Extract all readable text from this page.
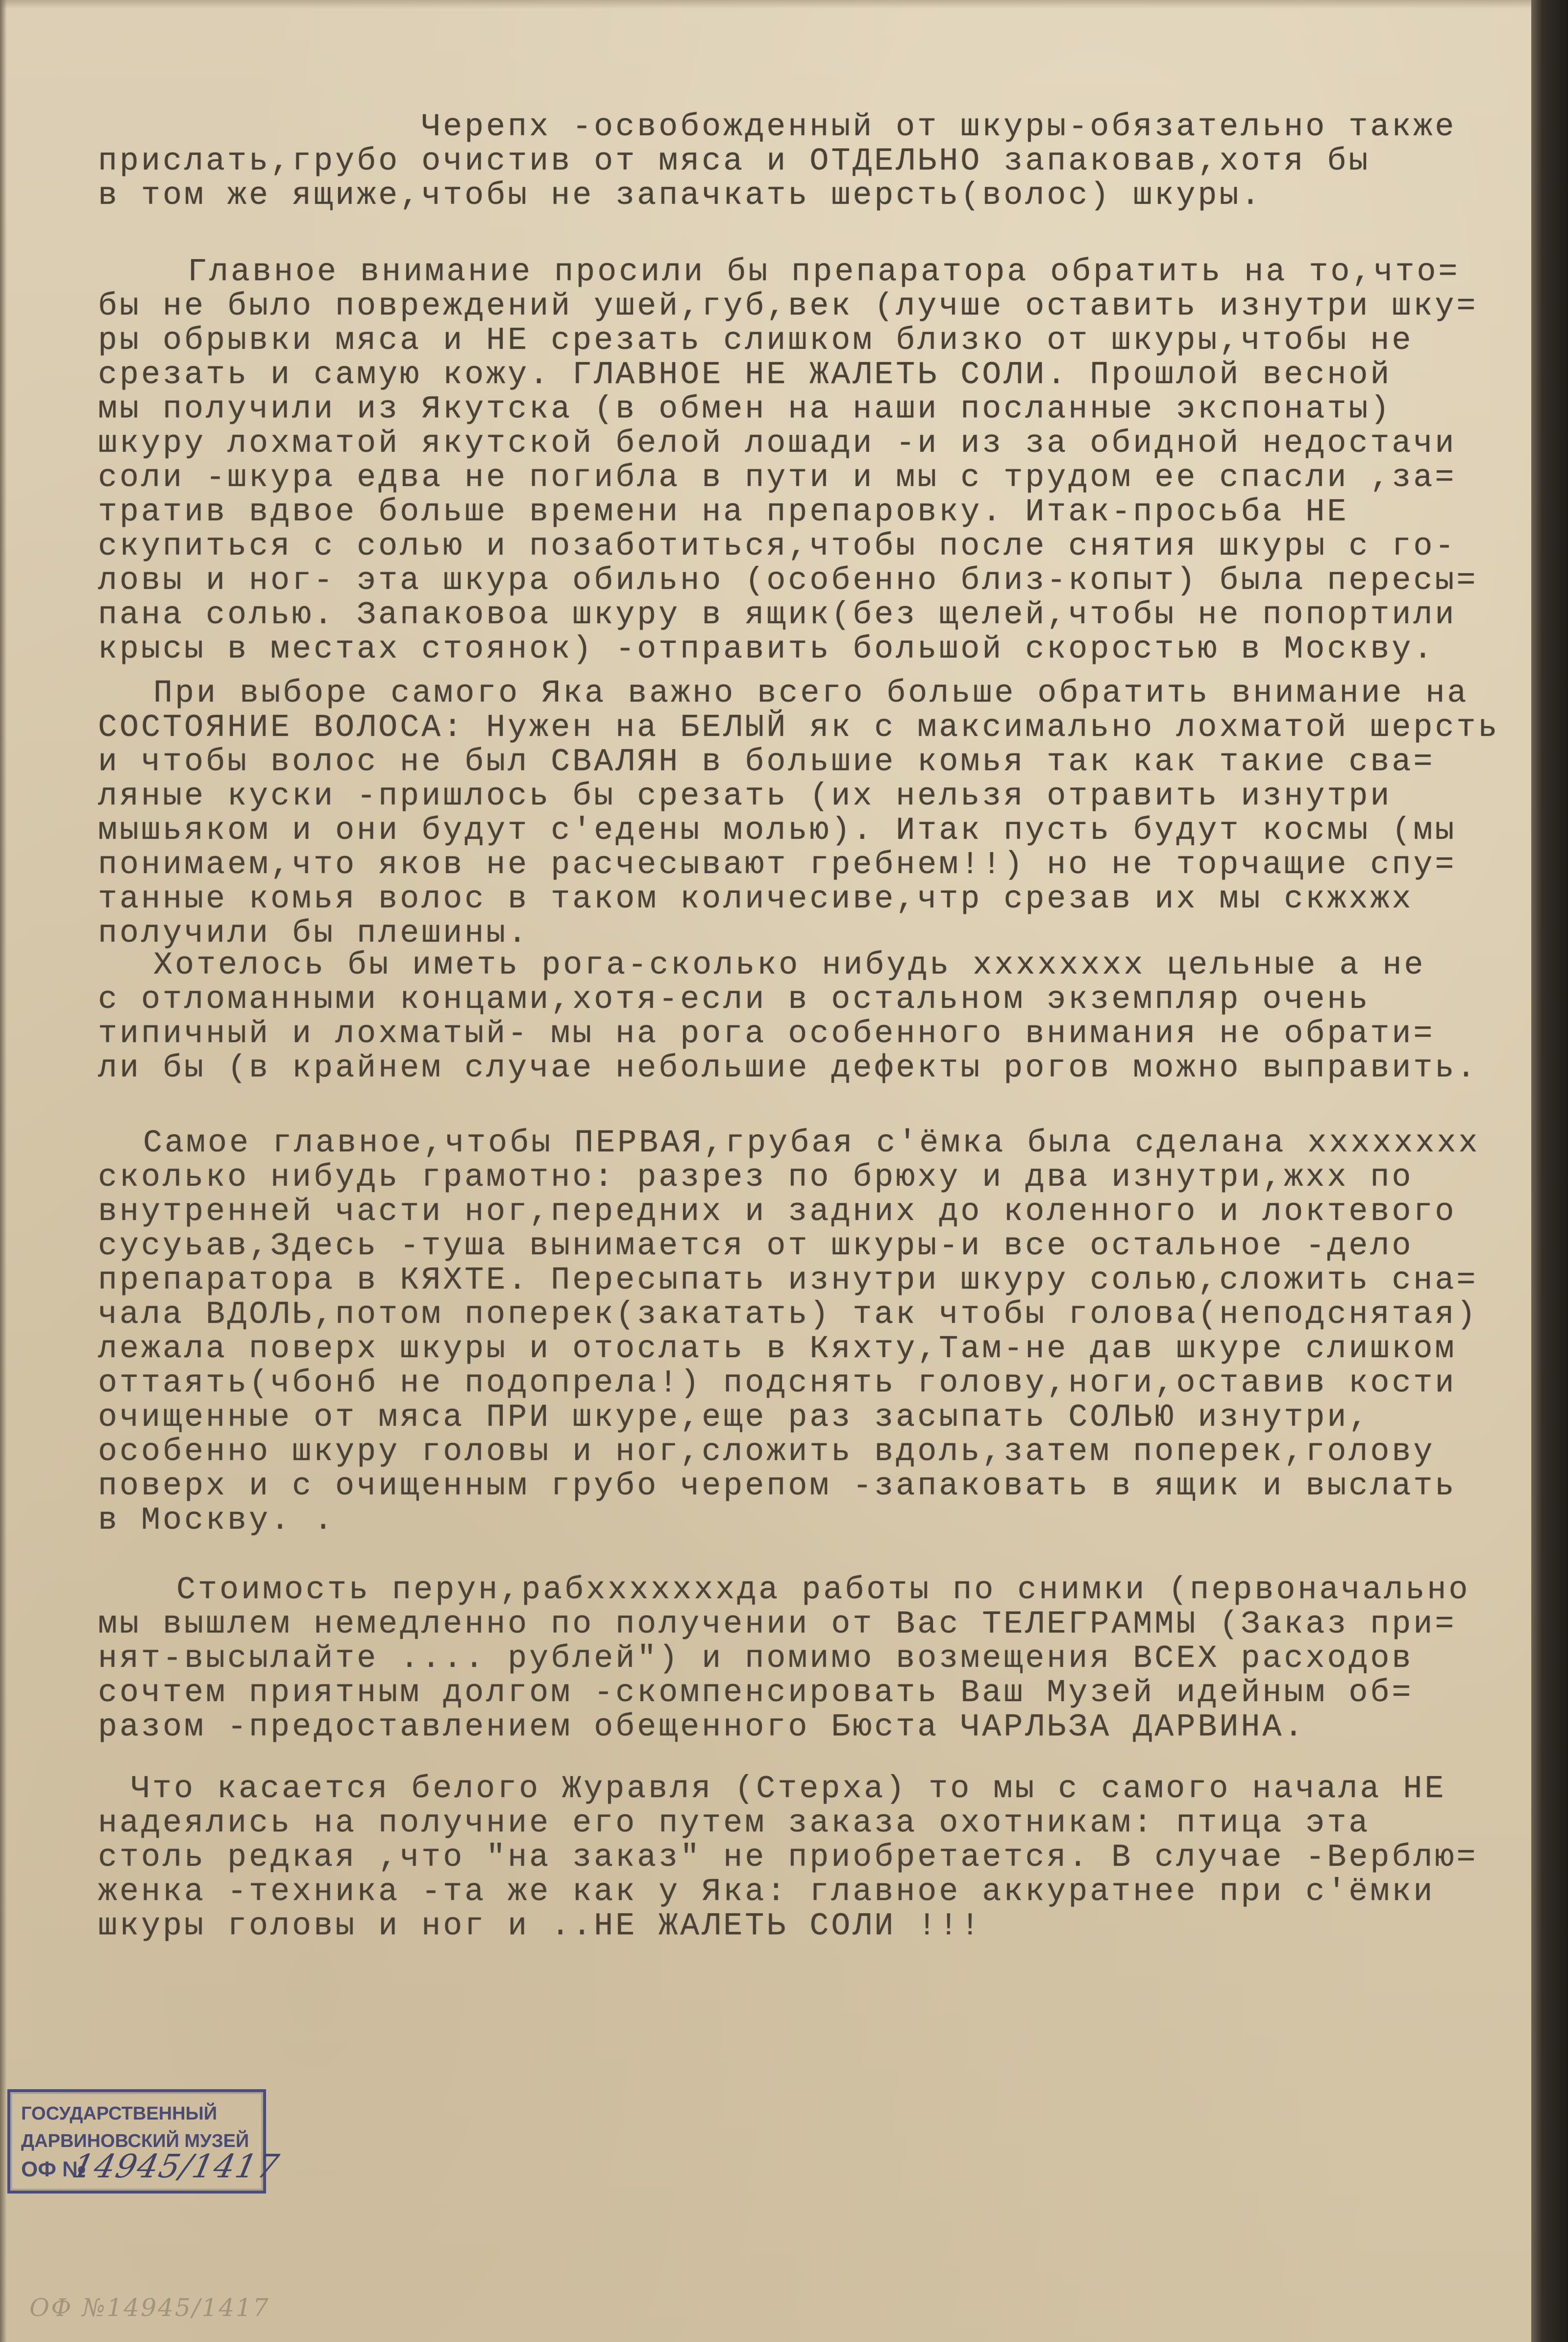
Черепх -освобожденный от шкуры-обязательно также
прислать,грубо очистив от мяса и ОТДЕЛЬНО запаковав,хотя бы
в том же ящиже,чтобы не запачкать шерсть(волос) шкуры.
Главное внимание просили бы препаратора обратить на то,что=
бы не было повреждений ушей,губ,век (лучше оставить изнутри шку=
ры обрывки мяса и НЕ срезать слишком близко от шкуры,чтобы не
срезать и самую кожу. ГЛАВНОЕ НЕ ЖАЛЕТЬ СОЛИ. Прошлой весной
мы получили из Якутска (в обмен на наши посланные экспонаты)
шкуру лохматой якутской белой лошади -и из за обидной недостачи
соли -шкура едва не погибла в пути и мы с трудом ее спасли ,за=
тратив вдвое больше времени на препаровку. Итак-просьба НЕ
скупиться с солью и позаботиться,чтобы после снятия шкуры с го-
ловы и ног- эта шкура обильно (особенно близ-копыт) была пересы=
пана солью. Запаковоа шкуру в ящик(без щелей,чтобы не попортили
крысы в местах стоянок) -отправить большой скоростью в Москву.
При выборе самого Яка важно всего больше обратить внимание на
СОСТОЯНИЕ ВОЛОСА: Нужен на БЕЛЫЙ як с максимально лохматой шерсть
и чтобы волос не был СВАЛЯН в большие комья так как такие сва=
ляные куски -пришлось бы срезать (их нельзя отравить изнутри
мышьяком и они будут с'едены молью). Итак пусть будут космы (мы
понимаем,что яков не расчесывают гребнем!!) но не торчащие спу=
танные комья волос в таком количесиве,чтр срезав их мы скжхжх
получили бы плешины.
Хотелось бы иметь рога-сколько нибудь хххххххх цельные а не
с отломанными концами,хотя-если в остальном экземпляр очень
типичный и лохматый- мы на рога особенного внимания не обрати=
ли бы (в крайнем случае небольшие дефекты рогов можно выправить.
Самое главное,чтобы ПЕРВАЯ,грубая с'ёмка была сделана хххххххх
сколько нибудь грамотно: разрез по брюху и два изнутри,жхх по
внутренней части ног,передних и задних до коленного и локтевого
сусуьав,Здесь -туша вынимается от шкуры-и все остальное -дело
препаратора в КЯХТЕ. Пересыпать изнутри шкуру солью,сложить сна=
чала ВДОЛЬ,потом поперек(закатать) так чтобы голова(неподснятая)
лежала поверх шкуры и отослать в Кяхту,Там-не дав шкуре слишком
оттаять(чбонб не подопрела!) подснять голову,ноги,оставив кости
очищенные от мяса ПРИ шкуре,еще раз засыпать СОЛЬЮ изнутри,
особенно шкуру головы и ног,сложить вдоль,затем поперек,голову
поверх и с очищенным грубо черепом -запаковать в ящик и выслать
в Москву. .
Стоимость перун,рабхххххххда работы по снимки (первоначально
мы вышлем немедленно по получении от Вас ТЕЛЕГРАММЫ (Заказ при=
нят-высылайте .... рублей") и помимо возмещения ВСЕХ расходов
сочтем приятным долгом -скомпенсировать Ваш Музей идейным об=
разом -предоставлением обещенного Бюста ЧАРЛЬЗА ДАРВИНА.
Что касается белого Журавля (Стерха) то мы с самого начала НЕ
надеялись на получние его путем заказа охотникам: птица эта
столь редкая ,что "на заказ" не приобретается. В случае -Верблю=
женка -техника -та же как у Яка: главное аккуратнее при с'ёмки
шкуры головы и ног и ..НЕ ЖАЛЕТЬ СОЛИ !!!
ГОСУДАРСТВЕННЫЙ
ДАРВИНОВСКИЙ МУЗЕЙ
ОФ №
14945/1417
ОФ №14945/1417
